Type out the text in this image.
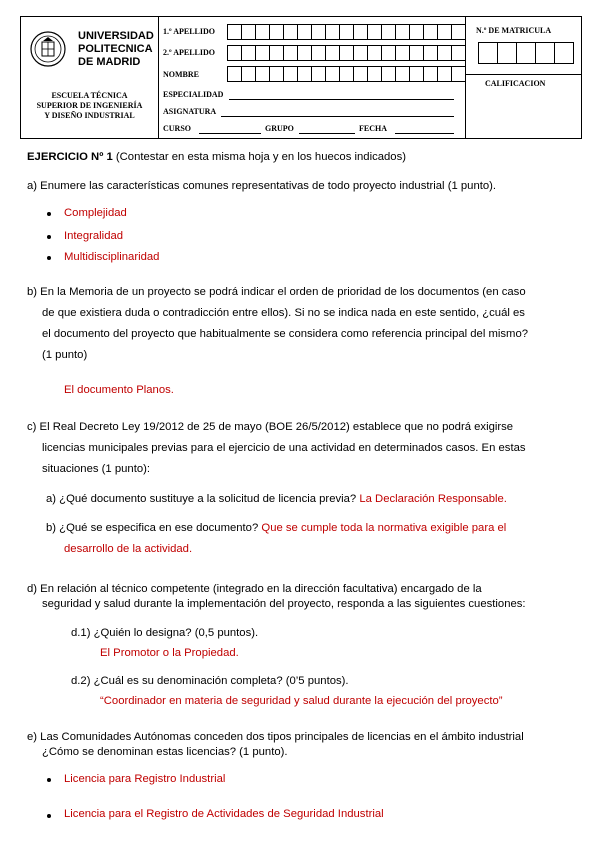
UNIVERSIDAD
POLITECNICA
DE MADRID
ESCUELA TÉCNICA
SUPERIOR DE INGENIERÍA
Y DISEÑO INDUSTRIAL
1.º APELLIDO
2.º APELLIDO
NOMBRE
ESPECIALIDAD
ASIGNATURA
CURSO	GRUPO	FECHA
N.º DE MATRICULA
CALIFICACION
EJERCICIO Nº 1 (Contestar en esta misma hoja y en los huecos indicados)
a) Enumere las características comunes representativas de todo proyecto industrial (1 punto).
Complejidad
Integralidad
Multidisciplinaridad
b) En la Memoria de un proyecto se podrá indicar el orden de prioridad de los documentos (en caso
de que existiera duda o contradicción entre ellos). Si no se indica nada en este sentido, ¿cuál es
el documento del proyecto que habitualmente se considera como referencia principal del mismo?
(1 punto)
El documento Planos.
c) El Real Decreto Ley 19/2012 de 25 de mayo (BOE 26/5/2012) establece que no podrá exigirse
licencias municipales previas para el ejercicio de una actividad en determinados casos. En estas
situaciones (1 punto):
a) ¿Qué documento sustituye a la solicitud de licencia previa? La Declaración Responsable.
b) ¿Qué se especifica en ese documento? Que se cumple toda la normativa exigible para el
desarrollo de la actividad.
d) En relación al técnico competente (integrado en la dirección facultativa) encargado de la
seguridad y salud durante la implementación del proyecto, responda a las siguientes cuestiones:
d.1) ¿Quién lo designa? (0,5 puntos).
El Promotor o la Propiedad.
d.2) ¿Cuál es su denominación completa? (0’5 puntos).
“Coordinador en materia de seguridad y salud durante la ejecución del proyecto”
e) Las Comunidades Autónomas conceden dos tipos principales de licencias en el ámbito industrial
¿Cómo se denominan estas licencias? (1 punto).
Licencia para Registro Industrial
Licencia para el Registro de Actividades de Seguridad Industrial
